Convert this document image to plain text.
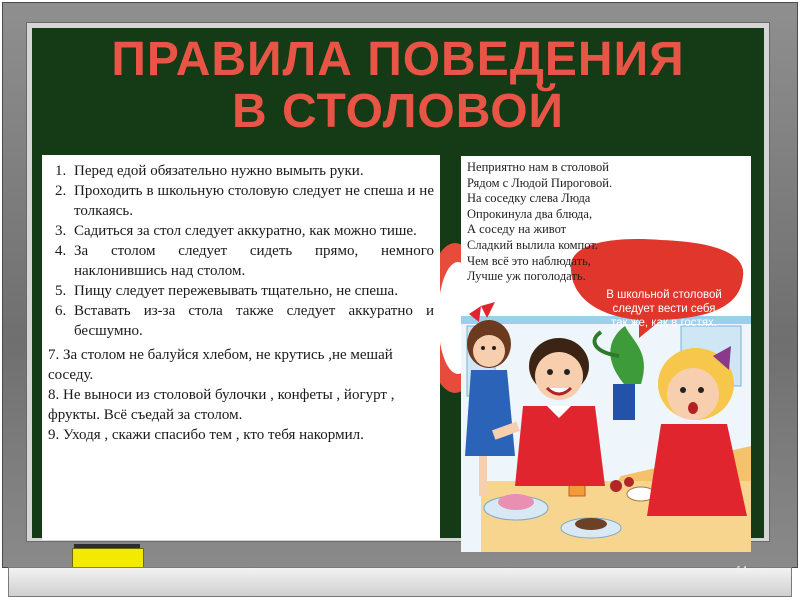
ПРАВИЛА ПОВЕДЕНИЯ
В СТОЛОВОЙ
1. Перед едой обязательно нужно вымыть руки.
2. Проходить в школьную столовую следует не спеша и не толкаясь.
3. Садиться за стол следует аккуратно, как можно тише.
4. За столом следует сидеть прямо, немного наклонившись над столом.
5. Пищу следует пережевывать тщательно, не спеша.
6. Вставать из-за стола также следует аккуратно и бесшумно.

7. За столом не балуйся хлебом, не крутись ,не мешай соседу.

8. Не выноси из столовой булочки , конфеты , йогурт , фрукты. Всё съедай за столом.

9. Уходя , скажи спасибо тем , кто тебя накормил.

Неприятно нам в столовой
Рядом с Людой Пироговой.
На соседку слева Люда
Опрокинула два блюда,
А соседу на живот
Сладкий вылила компот.
Чем всё это наблюдать,
Лучше уж поголодать.
В школьной столовой
следует вести себя
так же, как в гостях.
14
